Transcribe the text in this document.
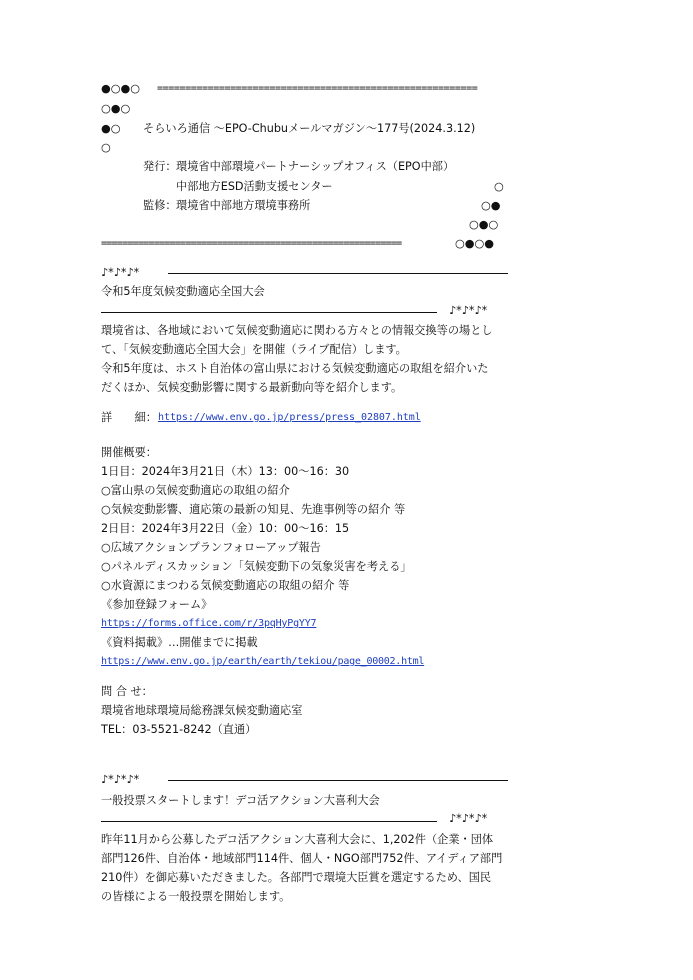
●○●○ =========================================================
○●○
●○ そらいろ通信 ～EPO-Chubuメールマガジン～177号(2024.3.12)
○
発行： 環境省中部環境パートナーシップオフィス（EPO中部）
中部地方ESD活動支援センター	○
監修： 環境省中部地方環境事務所	○●
○●○
=========================================================	○●○●
♪*♪*♪*
令和5年度気候変動適応全国大会
♪*♪*♪*
環境省は、各地域において気候変動適応に関わる方々との情報交換等の場とし
て、「気候変動適応全国大会」を開催（ライブ配信）します。
令和5年度は、ホスト自治体の富山県における気候変動適応の取組を紹介いた
だくほか、気候変動影響に関する最新動向等を紹介します。
詳　　細： https://www.env.go.jp/press/press_02807.html
開催概要：
1日目：2024年3月21日（木）13：00～16：30
○富山県の気候変動適応の取組の紹介
○気候変動影響、適応策の最新の知見、先進事例等の紹介 等
2日目：2024年3月22日（金）10：00～16：15
○広域アクションプランフォローアップ報告
○パネルディスカッション「気候変動下の気象災害を考える」
○水資源にまつわる気候変動適応の取組の紹介 等
《参加登録フォーム》
https://forms.office.com/r/3pqHyPgYY7
《資料掲載》…開催までに掲載
https://www.env.go.jp/earth/earth/tekiou/page_00002.html
問 合 せ：
環境省地球環境局総務課気候変動適応室
TEL：03-5521-8242（直通）
♪*♪*♪*
一般投票スタートします！デコ活アクション大喜利大会
♪*♪*♪*
昨年11月から公募したデコ活アクション大喜利大会に、1,202件（企業・団体
部門126件、自治体・地域部門114件、個人・NGO部門752件、アイディア部門
210件）を御応募いただきました。各部門で環境大臣賞を選定するため、国民
の皆様による一般投票を開始します。
